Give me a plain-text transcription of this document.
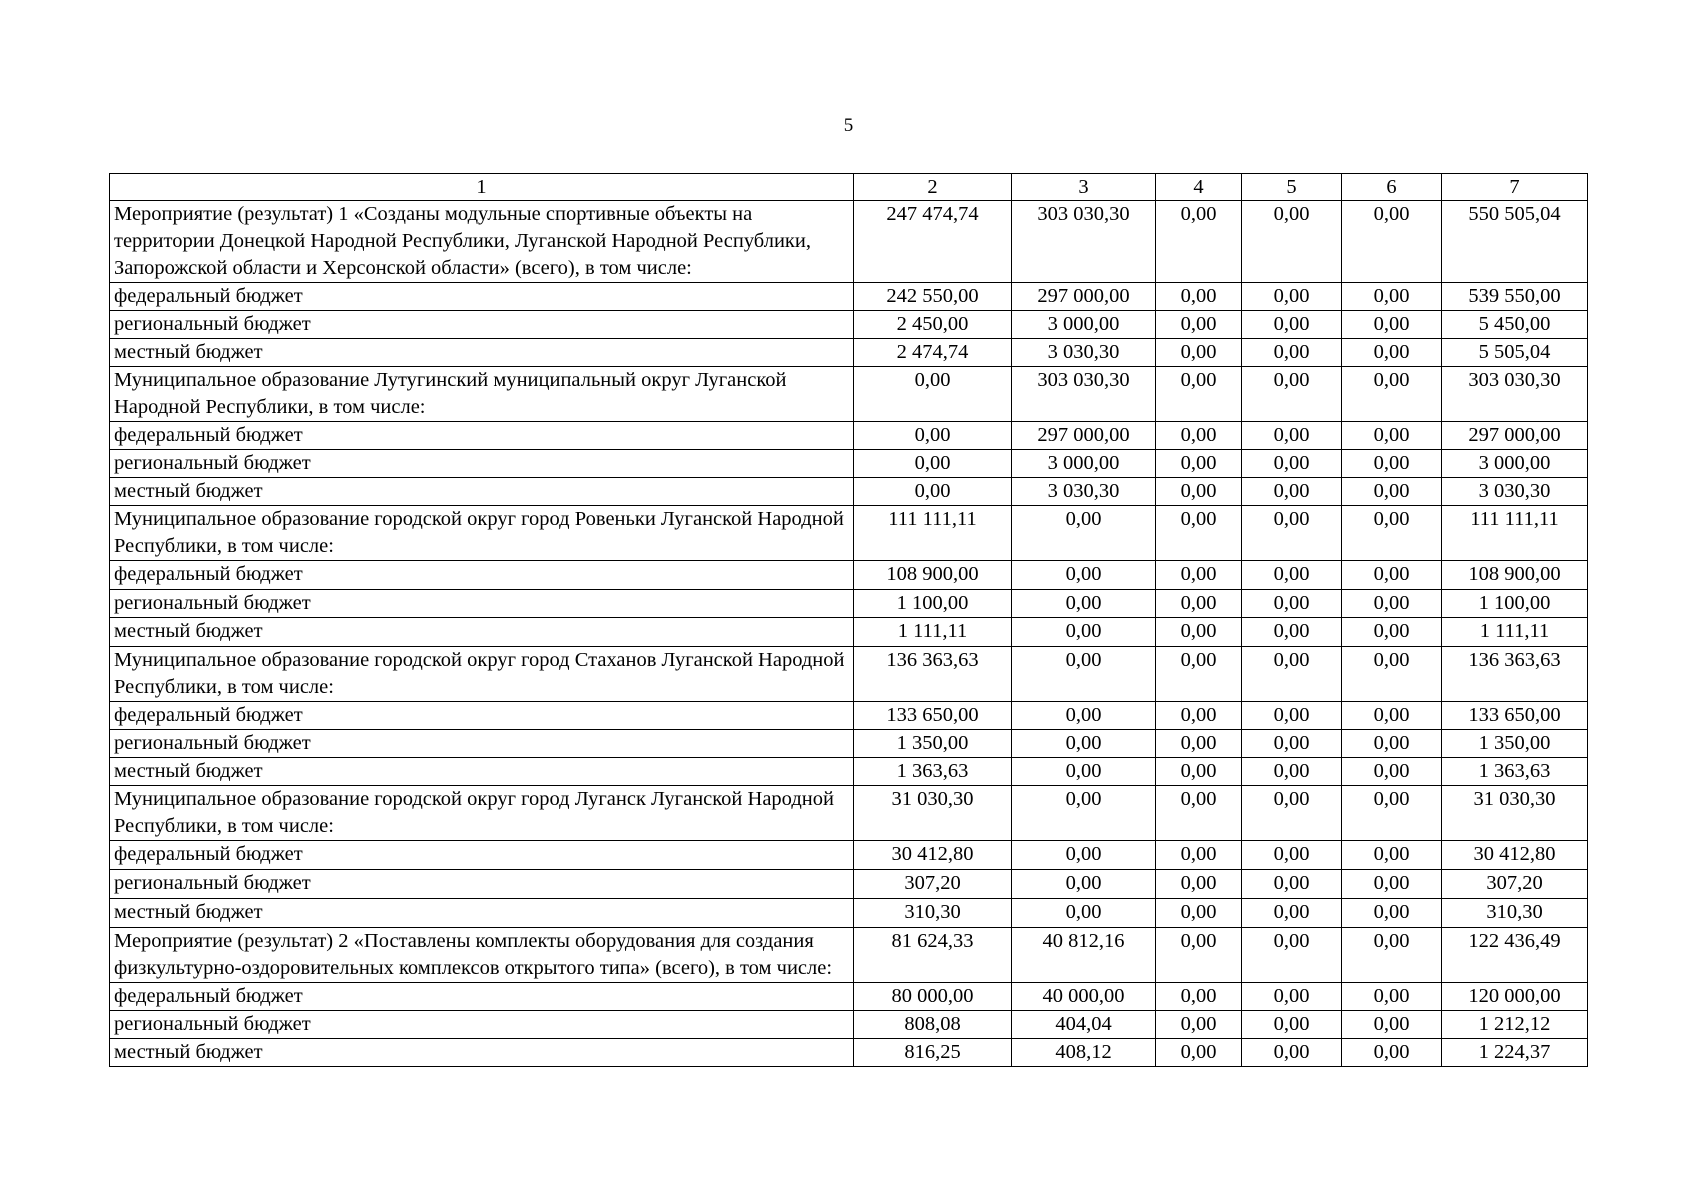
5
1	2	3	4	5	6	7
Мероприятие (результат) 1 «Созданы модульные спортивные объекты на территории Донецкой Народной Республики, Луганской Народной Республики, Запорожской области и Херсонской области» (всего), в том числе:	247 474,74	303 030,30	0,00	0,00	0,00	550 505,04
федеральный бюджет	242 550,00	297 000,00	0,00	0,00	0,00	539 550,00
региональный бюджет	2 450,00	3 000,00	0,00	0,00	0,00	5 450,00
местный бюджет	2 474,74	3 030,30	0,00	0,00	0,00	5 505,04
Муниципальное образование Лутугинский муниципальный округ Луганской Народной Республики, в том числе:	0,00	303 030,30	0,00	0,00	0,00	303 030,30
федеральный бюджет	0,00	297 000,00	0,00	0,00	0,00	297 000,00
региональный бюджет	0,00	3 000,00	0,00	0,00	0,00	3 000,00
местный бюджет	0,00	3 030,30	0,00	0,00	0,00	3 030,30
Муниципальное образование городской округ город Ровеньки Луганской Народной Республики, в том числе:	111 111,11	0,00	0,00	0,00	0,00	111 111,11
федеральный бюджет	108 900,00	0,00	0,00	0,00	0,00	108 900,00
региональный бюджет	1 100,00	0,00	0,00	0,00	0,00	1 100,00
местный бюджет	1 111,11	0,00	0,00	0,00	0,00	1 111,11
Муниципальное образование городской округ город Стаханов Луганской Народной Республики, в том числе:	136 363,63	0,00	0,00	0,00	0,00	136 363,63
федеральный бюджет	133 650,00	0,00	0,00	0,00	0,00	133 650,00
региональный бюджет	1 350,00	0,00	0,00	0,00	0,00	1 350,00
местный бюджет	1 363,63	0,00	0,00	0,00	0,00	1 363,63
Муниципальное образование городской округ город Луганск Луганской Народной Республики, в том числе:	31 030,30	0,00	0,00	0,00	0,00	31 030,30
федеральный бюджет	30 412,80	0,00	0,00	0,00	0,00	30 412,80
региональный бюджет	307,20	0,00	0,00	0,00	0,00	307,20
местный бюджет	310,30	0,00	0,00	0,00	0,00	310,30
Мероприятие (результат) 2 «Поставлены комплекты оборудования для создания физкультурно-оздоровительных комплексов открытого типа» (всего), в том числе:	81 624,33	40 812,16	0,00	0,00	0,00	122 436,49
федеральный бюджет	80 000,00	40 000,00	0,00	0,00	0,00	120 000,00
региональный бюджет	808,08	404,04	0,00	0,00	0,00	1 212,12
местный бюджет	816,25	408,12	0,00	0,00	0,00	1 224,37
